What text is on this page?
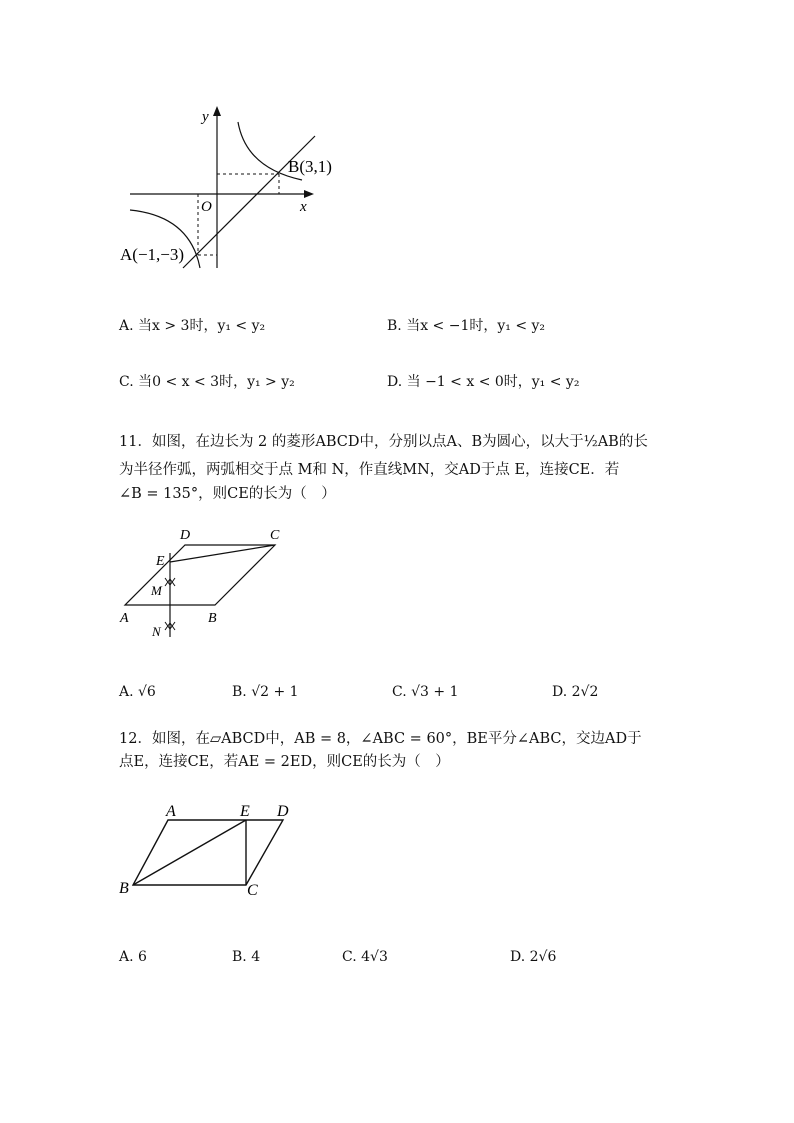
y
x
O
B(3,1)
A(−1,−3)
A. 当x > 3时，y₁ < y₂	B. 当x < −1时，y₁ < y₂
C. 当0 < x < 3时，y₁ > y₂	D. 当 −1 < x < 0时，y₁ < y₂
11．如图，在边长为 2 的菱形ABCD中，分别以点A、B为圆心，以大于½AB的长
为半径作弧，两弧相交于点 M和 N，作直线MN，交AD于点 E，连接CE．若
∠B = 135°，则CE的长为（　）
D	C
E
M
A	B
N
A. √6	B. √2 + 1	C. √3 + 1	D. 2√2
12．如图，在▱ABCD中，AB = 8，∠ABC = 60°，BE平分∠ABC，交边AD于
点E，连接CE，若AE = 2ED，则CE的长为（　）
A	E D
B	C
A. 6	B. 4	C. 4√3	D. 2√6
